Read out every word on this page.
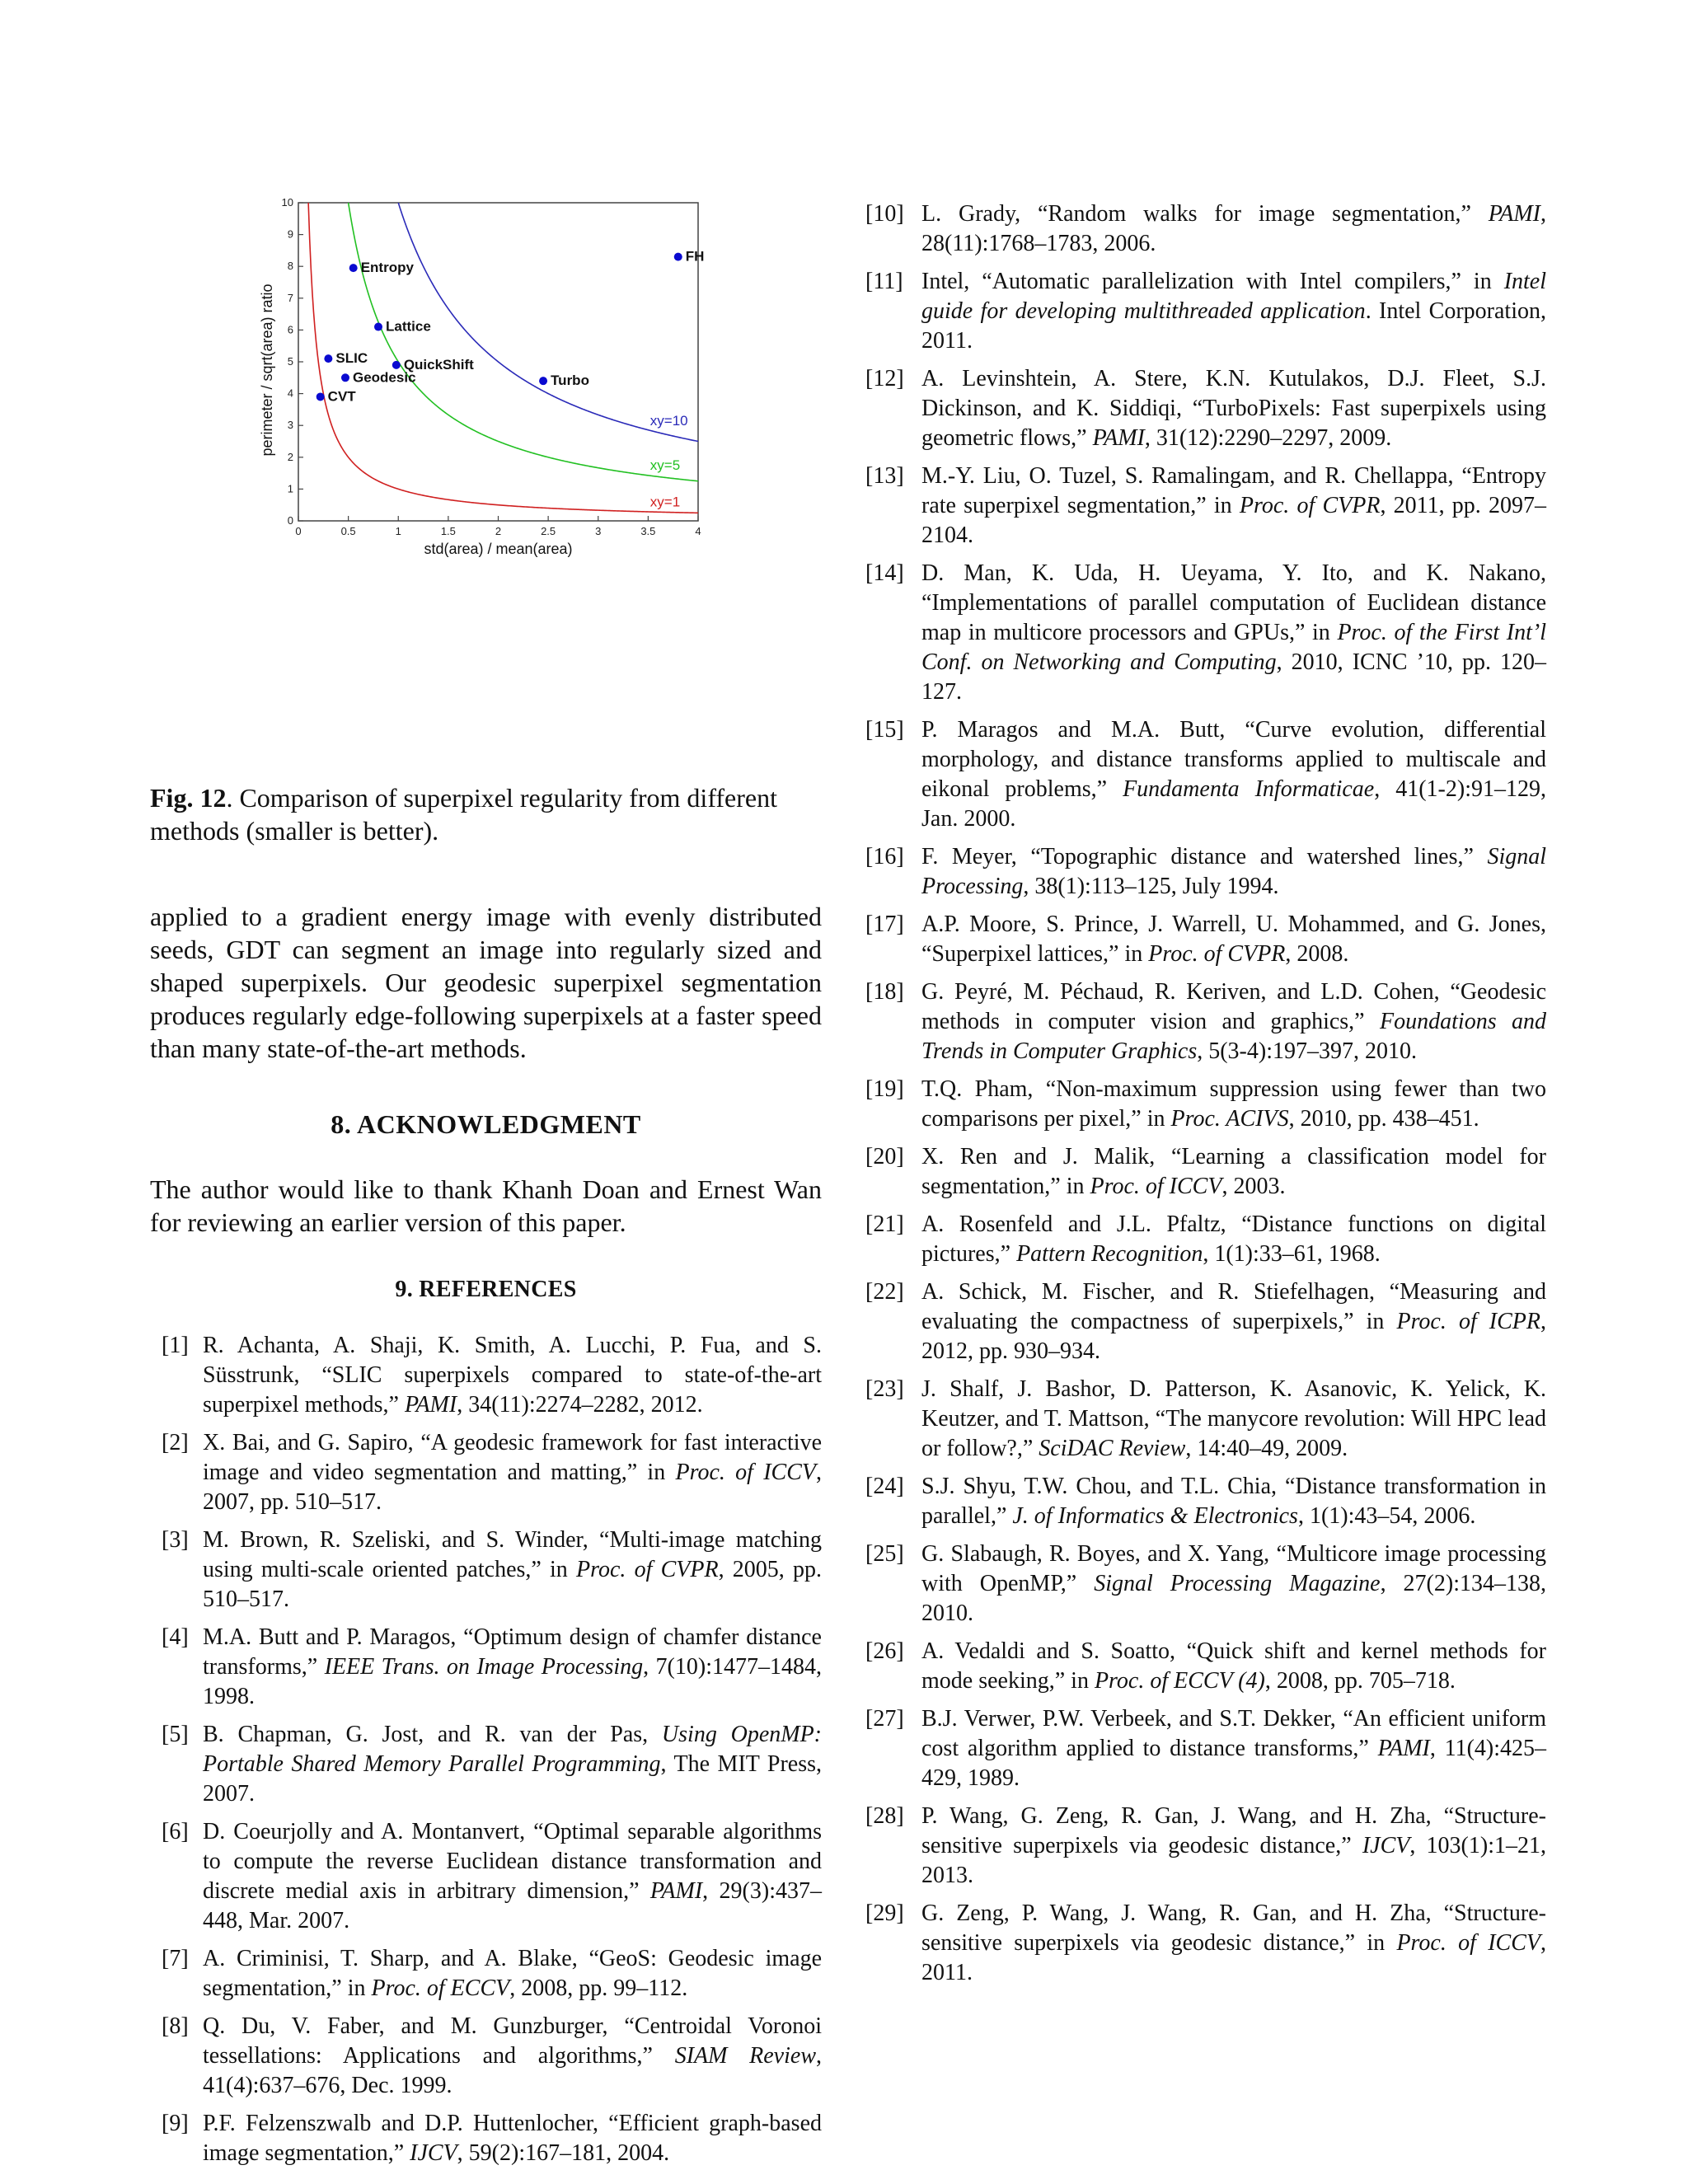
0	0.5	1	1.5	2	2.5	3	3.5	4
0
1
2
3
4
5
6
7
8
9
10
std(area) / mean(area)
perimeter / sqrt(area) ratio
xy=1
xy=5
xy=10
Entropy
Lattice
SLIC	QuickShift
Geodesic
CVT
Turbo
FH
Fig. 12. Comparison of superpixel regularity from different methods (smaller is better).
applied to a gradient energy image with evenly distributed seeds, GDT can segment an image into regularly sized and shaped superpixels. Our geodesic superpixel segmentation produces regularly edge-following superpixels at a faster speed than many state-of-the-art methods.
8. ACKNOWLEDGMENT
The author would like to thank Khanh Doan and Ernest Wan for reviewing an earlier version of this paper.
9. REFERENCES
[1] R. Achanta, A. Shaji, K. Smith, A. Lucchi, P. Fua, and S. Süsstrunk, “SLIC superpixels compared to state-of-the-art superpixel methods,” PAMI, 34(11):2274–2282, 2012.
[2] X. Bai, and G. Sapiro, “A geodesic framework for fast interactive image and video segmentation and matting,” in Proc. of ICCV, 2007, pp. 510–517.
[3] M. Brown, R. Szeliski, and S. Winder, “Multi-image matching using multi-scale oriented patches,” in Proc. of CVPR, 2005, pp. 510–517.
[4] M.A. Butt and P. Maragos, “Optimum design of chamfer distance transforms,” IEEE Trans. on Image Processing, 7(10):1477–1484, 1998.
[5] B. Chapman, G. Jost, and R. van der Pas, Using OpenMP: Portable Shared Memory Parallel Programming, The MIT Press, 2007.
[6] D. Coeurjolly and A. Montanvert, “Optimal separable algorithms to compute the reverse Euclidean distance transformation and discrete medial axis in arbitrary dimension,” PAMI, 29(3):437–448, Mar. 2007.
[7] A. Criminisi, T. Sharp, and A. Blake, “GeoS: Geodesic image segmentation,” in Proc. of ECCV, 2008, pp. 99–112.
[8] Q. Du, V. Faber, and M. Gunzburger, “Centroidal Voronoi tessellations: Applications and algorithms,” SIAM Review, 41(4):637–676, Dec. 1999.
[9] P.F. Felzenszwalb and D.P. Huttenlocher, “Efficient graph-based image segmentation,” IJCV, 59(2):167–181, 2004.
[10] L. Grady, “Random walks for image segmentation,” PAMI, 28(11):1768–1783, 2006.
[11] Intel, “Automatic parallelization with Intel compilers,” in Intel guide for developing multithreaded application. Intel Corporation, 2011.
[12] A. Levinshtein, A. Stere, K.N. Kutulakos, D.J. Fleet, S.J. Dickinson, and K. Siddiqi, “TurboPixels: Fast superpixels using geometric flows,” PAMI, 31(12):2290–2297, 2009.
[13] M.-Y. Liu, O. Tuzel, S. Ramalingam, and R. Chellappa, “Entropy rate superpixel segmentation,” in Proc. of CVPR, 2011, pp. 2097–2104.
[14] D. Man, K. Uda, H. Ueyama, Y. Ito, and K. Nakano, “Implementations of parallel computation of Euclidean distance map in multicore processors and GPUs,” in Proc. of the First Int’l Conf. on Networking and Computing, 2010, ICNC ’10, pp. 120–127.
[15] P. Maragos and M.A. Butt, “Curve evolution, differential morphology, and distance transforms applied to multiscale and eikonal problems,” Fundamenta Informaticae, 41(1-2):91–129, Jan. 2000.
[16] F. Meyer, “Topographic distance and watershed lines,” Signal Processing, 38(1):113–125, July 1994.
[17] A.P. Moore, S. Prince, J. Warrell, U. Mohammed, and G. Jones, “Superpixel lattices,” in Proc. of CVPR, 2008.
[18] G. Peyré, M. Péchaud, R. Keriven, and L.D. Cohen, “Geodesic methods in computer vision and graphics,” Foundations and Trends in Computer Graphics, 5(3-4):197–397, 2010.
[19] T.Q. Pham, “Non-maximum suppression using fewer than two comparisons per pixel,” in Proc. ACIVS, 2010, pp. 438–451.
[20] X. Ren and J. Malik, “Learning a classification model for segmentation,” in Proc. of ICCV, 2003.
[21] A. Rosenfeld and J.L. Pfaltz, “Distance functions on digital pictures,” Pattern Recognition, 1(1):33–61, 1968.
[22] A. Schick, M. Fischer, and R. Stiefelhagen, “Measuring and evaluating the compactness of superpixels,” in Proc. of ICPR, 2012, pp. 930–934.
[23] J. Shalf, J. Bashor, D. Patterson, K. Asanovic, K. Yelick, K. Keutzer, and T. Mattson, “The manycore revolution: Will HPC lead or follow?,” SciDAC Review, 14:40–49, 2009.
[24] S.J. Shyu, T.W. Chou, and T.L. Chia, “Distance transformation in parallel,” J. of Informatics & Electronics, 1(1):43–54, 2006.
[25] G. Slabaugh, R. Boyes, and X. Yang, “Multicore image processing with OpenMP,” Signal Processing Magazine, 27(2):134–138, 2010.
[26] A. Vedaldi and S. Soatto, “Quick shift and kernel methods for mode seeking,” in Proc. of ECCV (4), 2008, pp. 705–718.
[27] B.J. Verwer, P.W. Verbeek, and S.T. Dekker, “An efficient uniform cost algorithm applied to distance transforms,” PAMI, 11(4):425–429, 1989.
[28] P. Wang, G. Zeng, R. Gan, J. Wang, and H. Zha, “Structure-sensitive superpixels via geodesic distance,” IJCV, 103(1):1–21, 2013.
[29] G. Zeng, P. Wang, J. Wang, R. Gan, and H. Zha, “Structure-sensitive superpixels via geodesic distance,” in Proc. of ICCV, 2011.
